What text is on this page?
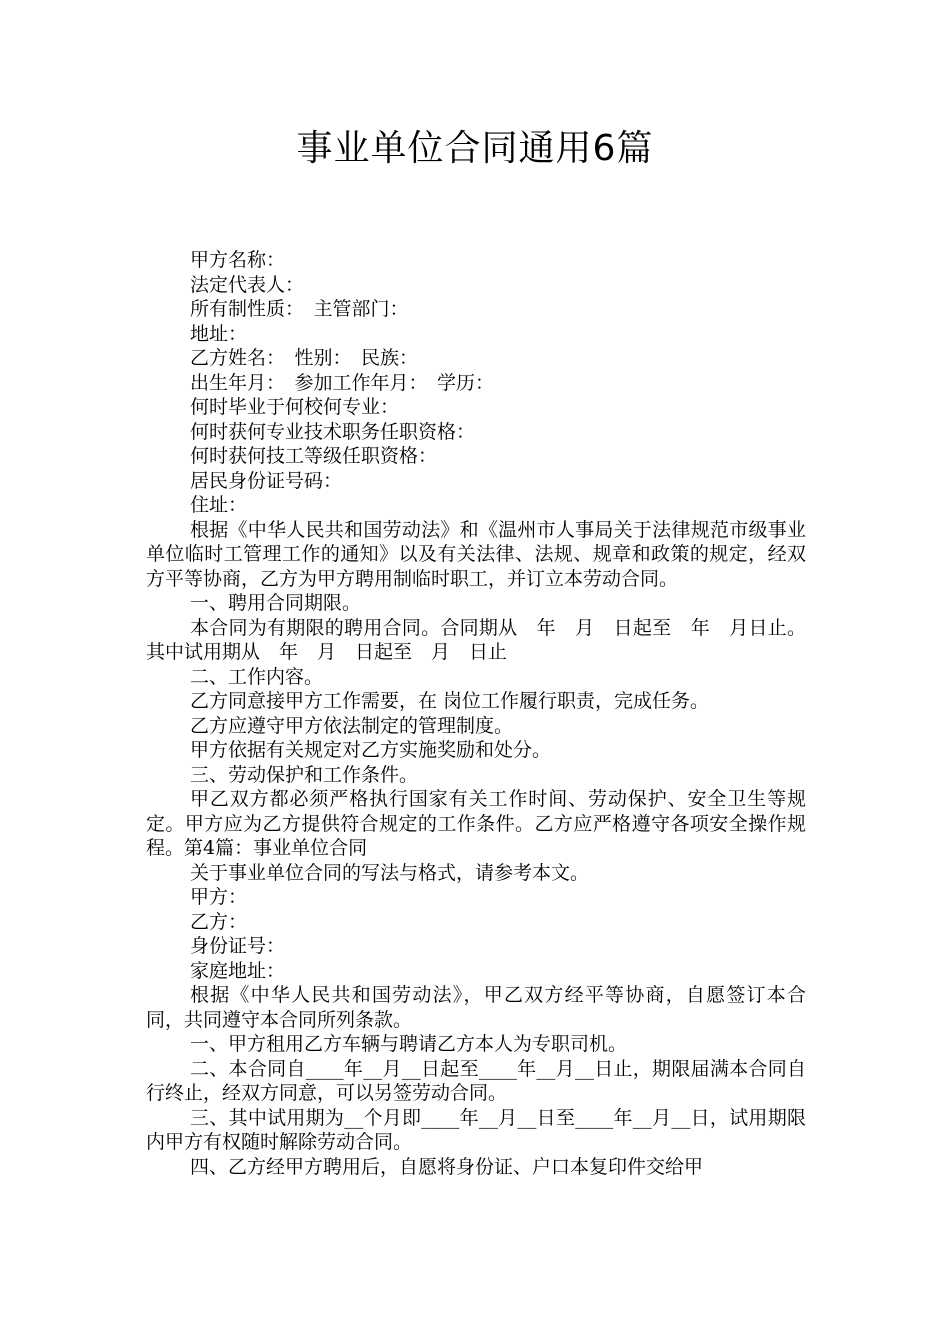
事业单位合同通用6篇

甲方名称：

法定代表人：

所有制性质：　主管部门：

地址：

乙方姓名：　性别：　民族：

出生年月：　参加工作年月：　学历：

何时毕业于何校何专业：

何时获何专业技术职务任职资格：

何时获何技工等级任职资格：

居民身份证号码：

住址：

根据《中华人民共和国劳动法》和《温州市人事局关于法律规范市级事业单位临时工管理工作的通知》以及有关法律、法规、规章和政策的规定，经双方平等协商，乙方为甲方聘用制临时职工，并订立本劳动合同。

一、聘用合同期限。

本合同为有期限的聘用合同。合同期从　年　月　日起至　年　月日止。其中试用期从　年　月　日起至　月　日止

二、工作内容。

乙方同意接甲方工作需要，在 岗位工作履行职责，完成任务。

乙方应遵守甲方依法制定的管理制度。

甲方依据有关规定对乙方实施奖励和处分。

三、劳动保护和工作条件。

甲乙双方都必须严格执行国家有关工作时间、劳动保护、安全卫生等规定。甲方应为乙方提供符合规定的工作条件。乙方应严格遵守各项安全操作规程。第4篇：事业单位合同

关于事业单位合同的写法与格式，请参考本文。

甲方：

乙方：

身份证号：

家庭地址：

根据《中华人民共和国劳动法》，甲乙双方经平等协商，自愿签订本合同，共同遵守本合同所列条款。

一、甲方租用乙方车辆与聘请乙方本人为专职司机。

二、本合同自____年__月__日起至____年__月__日止，期限届满本合同自行终止，经双方同意，可以另签劳动合同。

三、其中试用期为__个月即____年__月__日至____年__月__日，试用期限内甲方有权随时解除劳动合同。

四、乙方经甲方聘用后，自愿将身份证、户口本复印件交给甲
